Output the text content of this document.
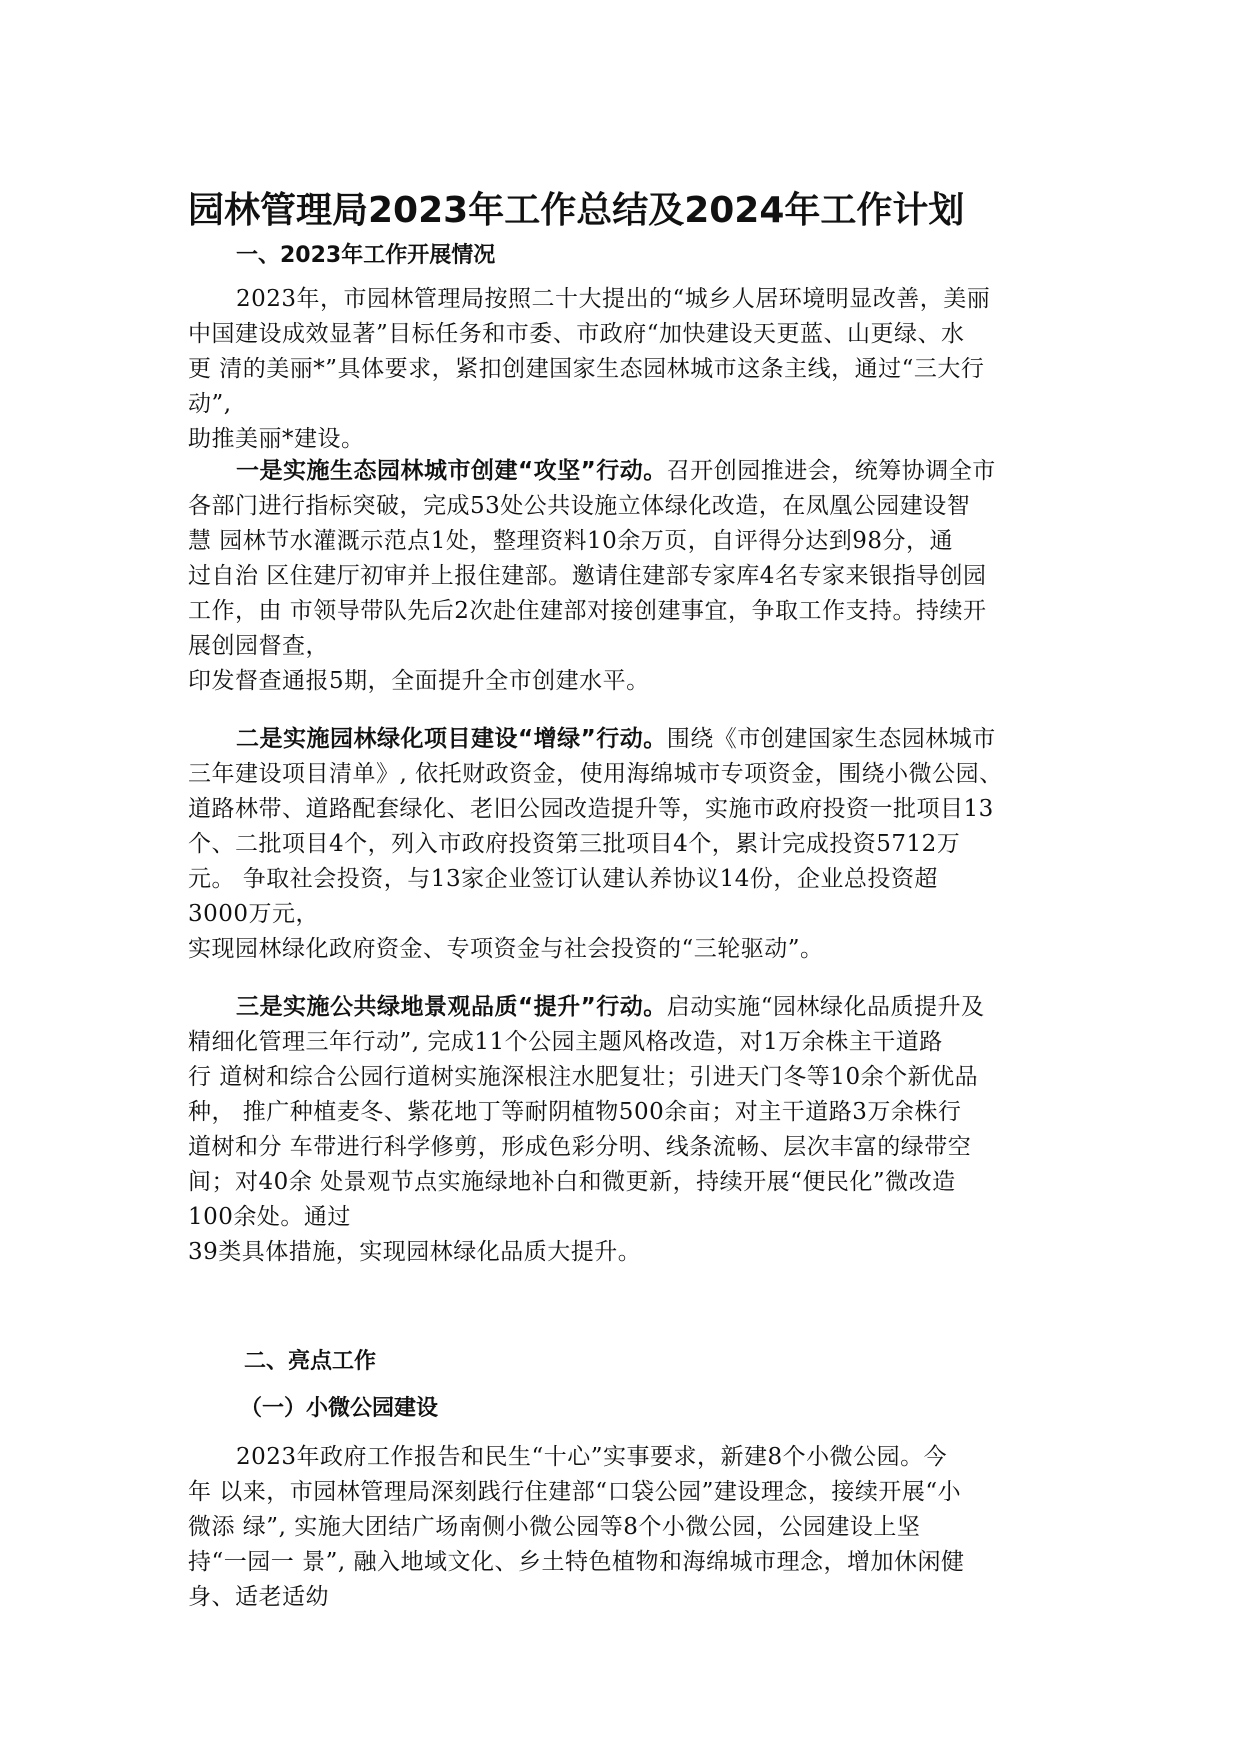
园林管理局2023年工作总结及2024年工作计划
一、2023年工作开展情况
2023年，市园林管理局按照二十大提出的“城乡人居环境明显改善，美丽
中国建设成效显著”目标任务和市委、市政府“加快建设天更蓝、山更绿、水
更 清的美丽*”具体要求，紧扣创建国家生态园林城市这条主线，通过“三大行
动”,
助推美丽*建设。
一是实施生态园林城市创建“攻坚”行动。召开创园推进会，统筹协调全市
各部门进行指标突破，完成53处公共设施立体绿化改造，在凤凰公园建设智
慧 园林节水灌溉示范点1处，整理资料10余万页，自评得分达到98分，通
过自治 区住建厅初审并上报住建部。邀请住建部专家库4名专家来银指导创园
工作，由 市领导带队先后2次赴住建部对接创建事宜，争取工作支持。持续开
展创园督查，
印发督查通报5期，全面提升全市创建水平。
二是实施园林绿化项目建设“增绿”行动。围绕《市创建国家生态园林城市
三年建设项目清单》, 依托财政资金，使用海绵城市专项资金，围绕小微公园、
道路林带、道路配套绿化、老旧公园改造提升等，实施市政府投资一批项目13
个、二批项目4个，列入市政府投资第三批项目4个，累计完成投资5712万
元。 争取社会投资，与13家企业签订认建认养协议14份，企业总投资超
3000万元，
实现园林绿化政府资金、专项资金与社会投资的“三轮驱动”。
三是实施公共绿地景观品质“提升”行动。启动实施“园林绿化品质提升及
精细化管理三年行动”, 完成11个公园主题风格改造，对1万余株主干道路
行 道树和综合公园行道树实施深根注水肥复壮；引进天门冬等10余个新优品
种， 推广种植麦冬、紫花地丁等耐阴植物500余亩；对主干道路3万余株行
道树和分 车带进行科学修剪，形成色彩分明、线条流畅、层次丰富的绿带空
间；对40余 处景观节点实施绿地补白和微更新，持续开展“便民化”微改造
100余处。通过
39类具体措施，实现园林绿化品质大提升。
二、亮点工作
（一）小微公园建设
2023年政府工作报告和民生“十心”实事要求，新建8个小微公园。今
年 以来，市园林管理局深刻践行住建部“口袋公园”建设理念，接续开展“小
微添 绿”, 实施大团结广场南侧小微公园等8个小微公园，公园建设上坚
持“一园一 景”, 融入地域文化、乡土特色植物和海绵城市理念，增加休闲健
身、适老适幼
